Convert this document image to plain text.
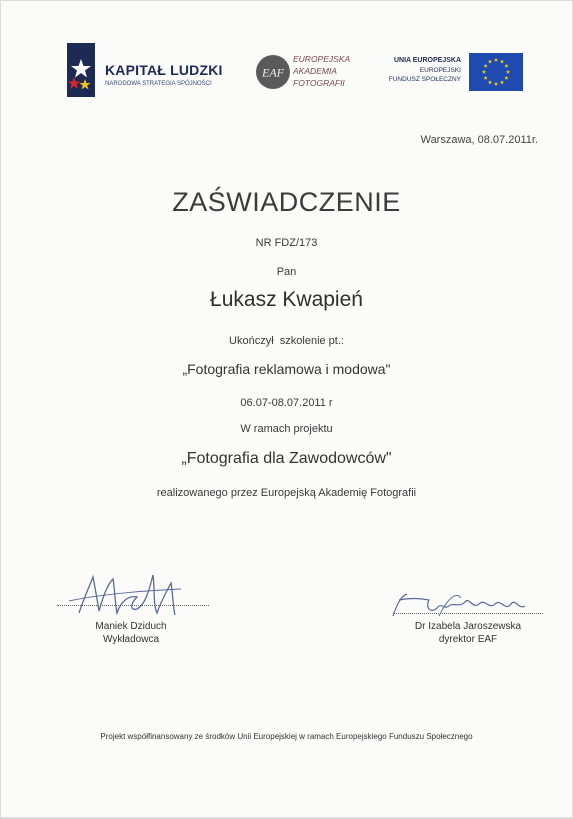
KAPITAŁ LUDZKI
NARODOWA STRATEGIA SPÓJNOŚCI
EAF
EUROPEJSKA
AKADEMIA
FOTOGRAFII
UNIA EUROPEJSKA
EUROPEJSKI
FUNDUSZ SPOŁECZNY
Warszawa, 08.07.2011r.
ZAŚWIADCZENIE
NR FDZ/173
Pan
Łukasz Kwapień
Ukończył  szkolenie pt.:
„Fotografia reklamowa i modowa"
06.07-08.07.2011 r
W ramach projektu
„Fotografia dla Zawodowców"
realizowanego przez Europejską Akademię Fotografii
Maniek Dziduch
Wykładowca
Dr Izabela Jaroszewska
dyrektor EAF
Projekt współfinansowany ze środków Unii Europejskiej w ramach Europejskiego Funduszu Społecznego
